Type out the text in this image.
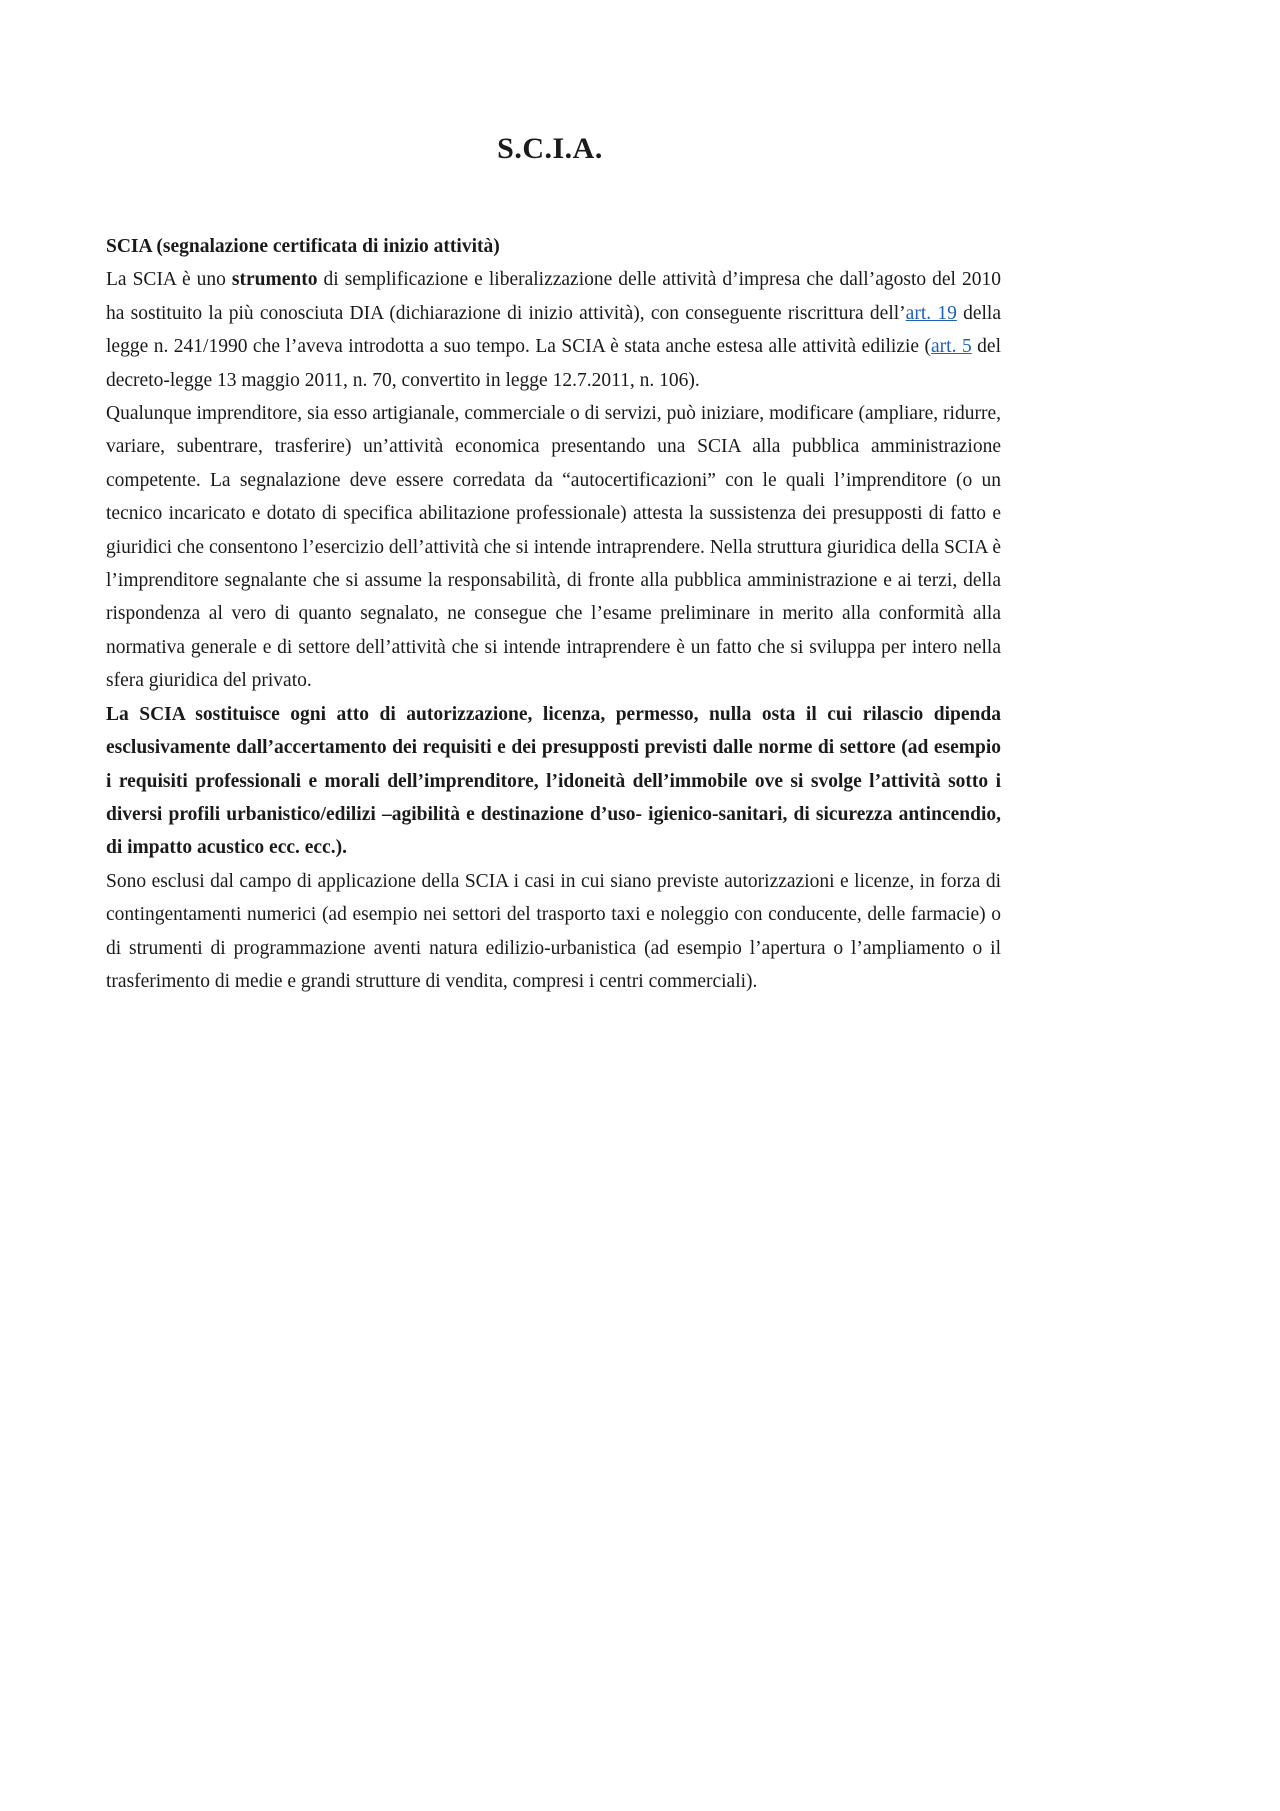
S.C.I.A.

SCIA (segnalazione certificata di inizio attività)

La SCIA è uno strumento di semplificazione e liberalizzazione delle attività d’impresa che dall’agosto del 2010 ha sostituito la più conosciuta DIA (dichiarazione di inizio attività), con conseguente riscrittura dell’art. 19 della legge n. 241/1990 che l’aveva introdotta a suo tempo. La SCIA è stata anche estesa alle attività edilizie (art. 5 del decreto-legge 13 maggio 2011, n. 70, convertito in legge 12.7.2011, n. 106).

Qualunque imprenditore, sia esso artigianale, commerciale o di servizi, può iniziare, modificare (ampliare, ridurre, variare, subentrare, trasferire) un’attività economica presentando una SCIA alla pubblica amministrazione competente. La segnalazione deve essere corredata da “autocertificazioni” con le quali l’imprenditore (o un tecnico incaricato e dotato di specifica abilitazione professionale) attesta la sussistenza dei presupposti di fatto e giuridici che consentono l’esercizio dell’attività che si intende intraprendere. Nella struttura giuridica della SCIA è l’imprenditore segnalante che si assume la responsabilità, di fronte alla pubblica amministrazione e ai terzi, della rispondenza al vero di quanto segnalato, ne consegue che l’esame preliminare in merito alla conformità alla normativa generale e di settore dell’attività che si intende intraprendere è un fatto che si sviluppa per intero nella sfera giuridica del privato.

La SCIA sostituisce ogni atto di autorizzazione, licenza, permesso, nulla osta il cui rilascio dipenda esclusivamente dall’accertamento dei requisiti e dei presupposti previsti dalle norme di settore (ad esempio i requisiti professionali e morali dell’imprenditore, l’idoneità dell’immobile ove si svolge l’attività sotto i diversi profili urbanistico/edilizi –agibilità e destinazione d’uso- igienico-sanitari, di sicurezza antincendio, di impatto acustico ecc. ecc.).

Sono esclusi dal campo di applicazione della SCIA i casi in cui siano previste autorizzazioni e licenze, in forza di contingentamenti numerici (ad esempio nei settori del trasporto taxi e noleggio con conducente, delle farmacie) o di strumenti di programmazione aventi natura edilizio-urbanistica (ad esempio l’apertura o l’ampliamento o il trasferimento di medie e grandi strutture di vendita, compresi i centri commerciali).
